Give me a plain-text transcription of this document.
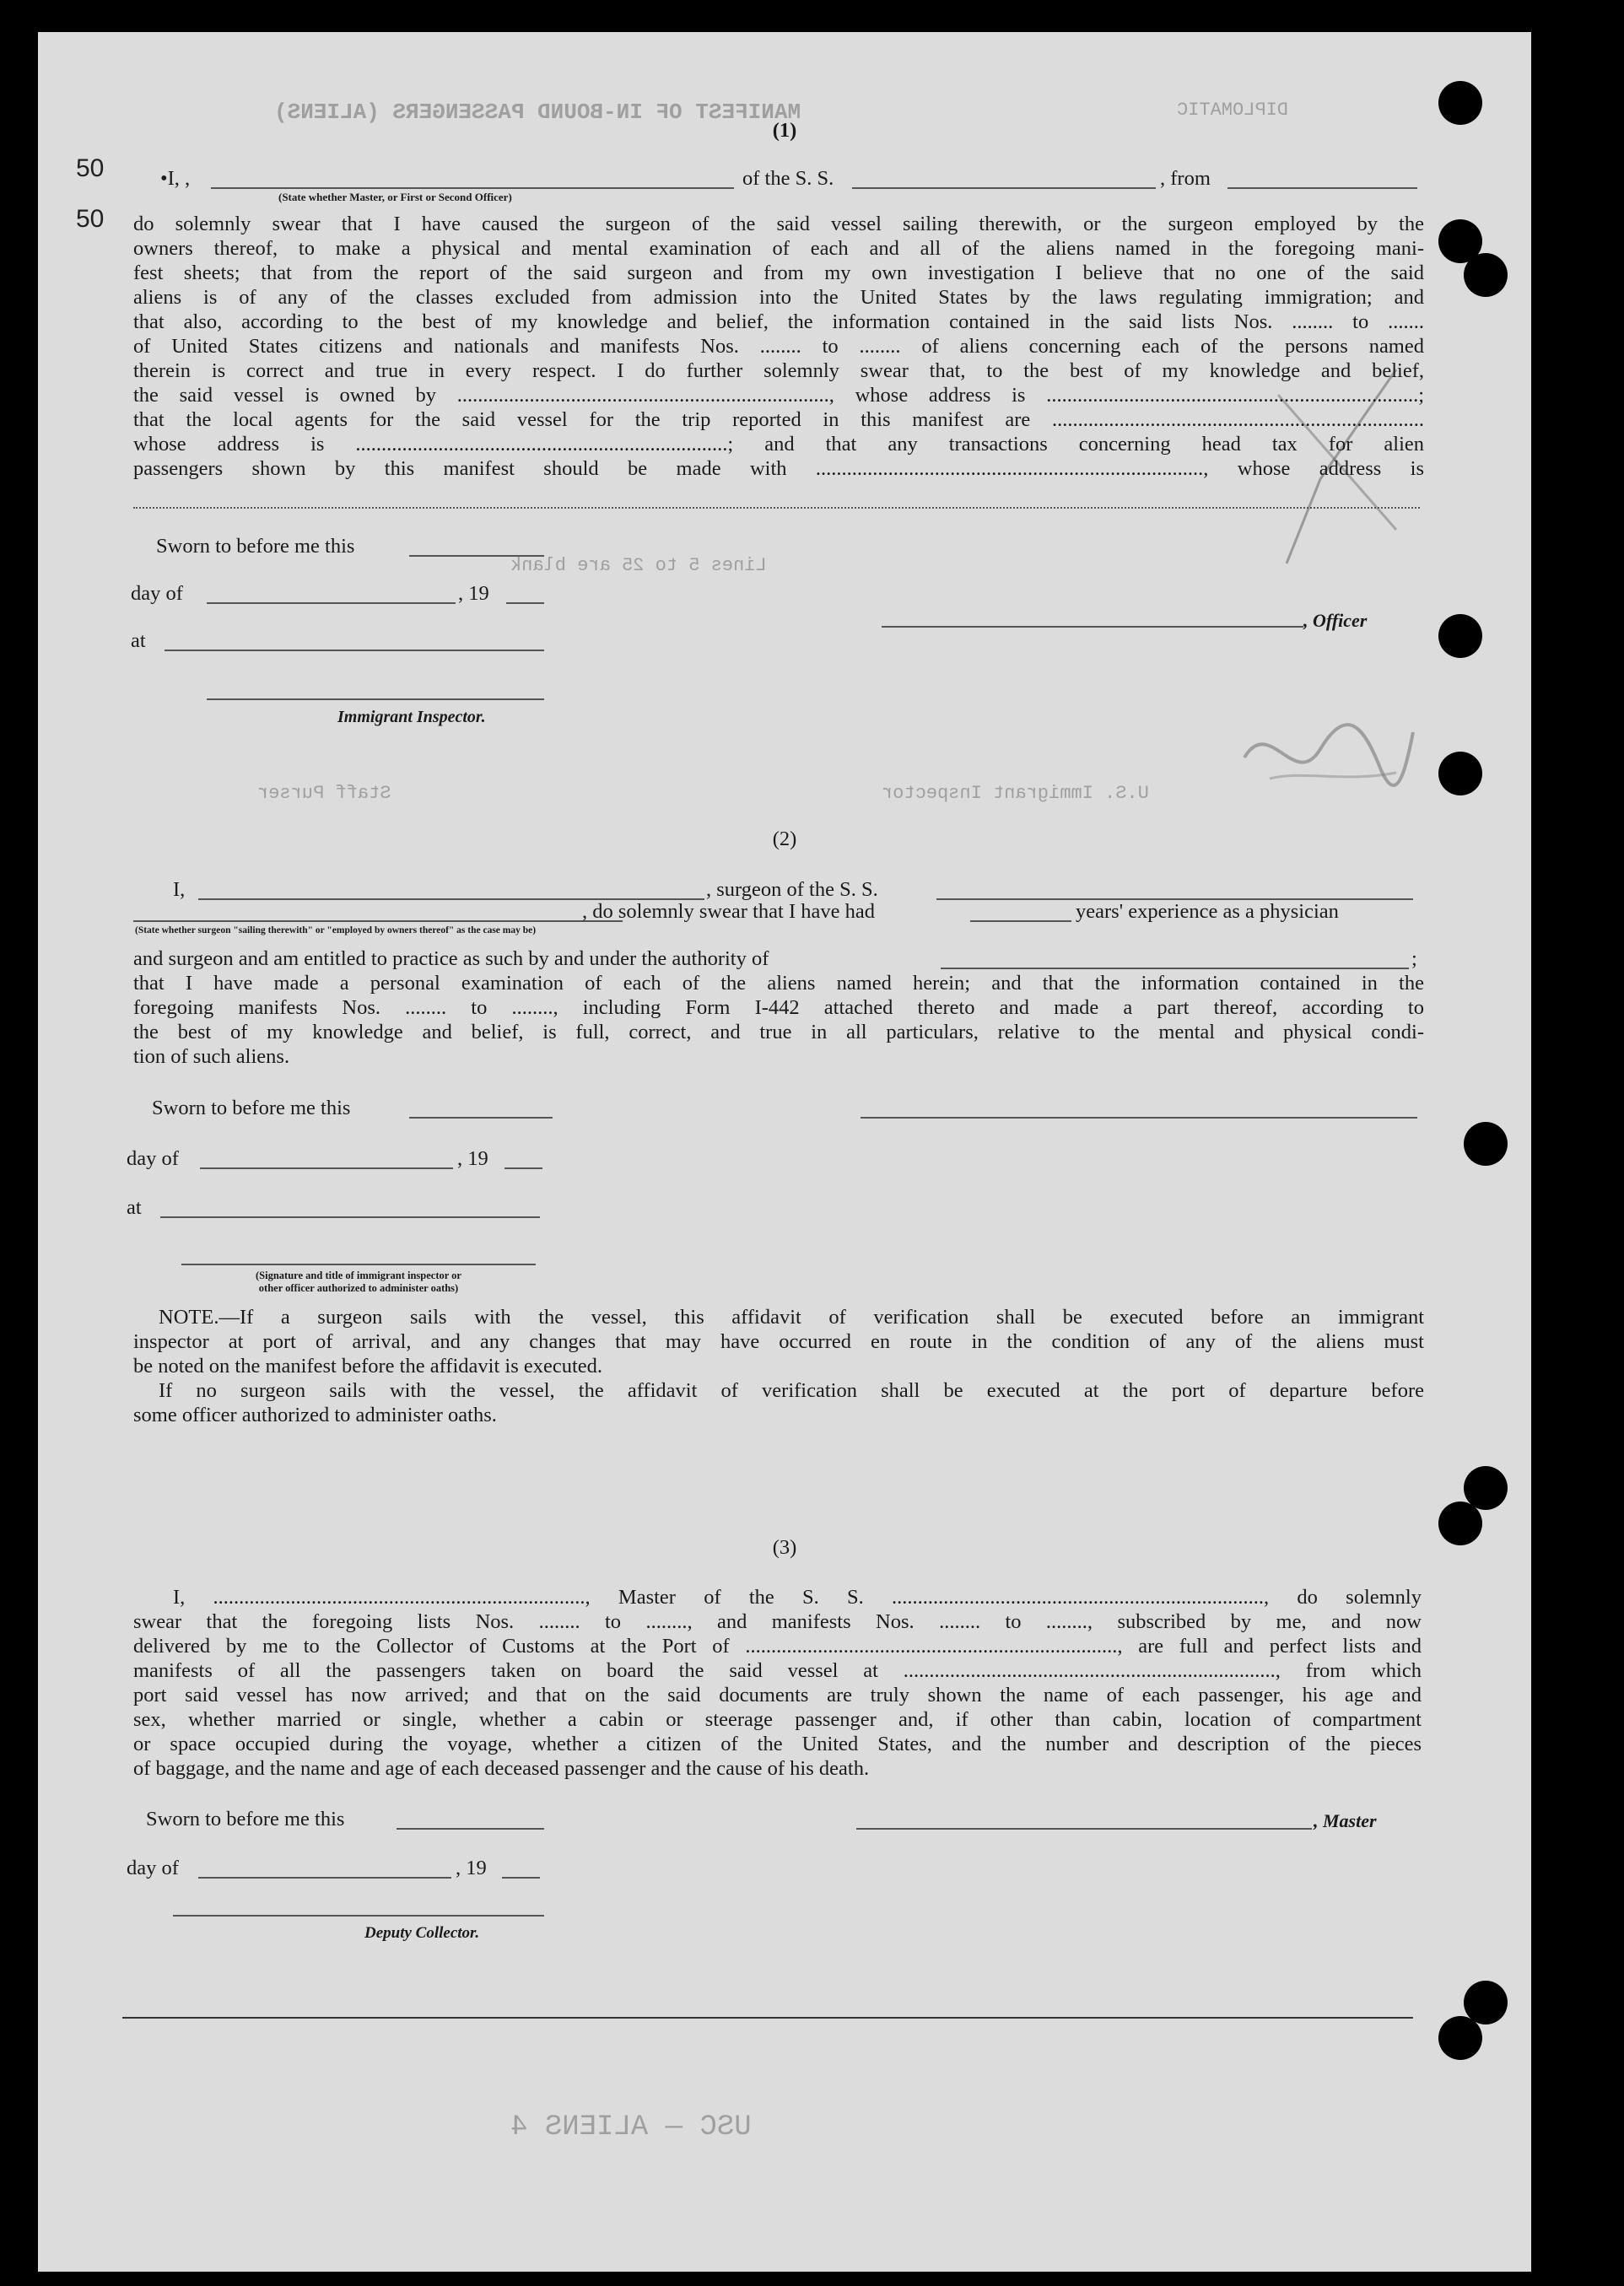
MANIFEST OF IN-BOUND PASSENGERS (ALIENS)	DIPLOMATIC
Lines 5 to 25 are blank
Staff Purser	U.S. Immigrant Inspector
USC — ALIENS 4
50
50
(1)
•I, ,	of the S. S.	, from
(State whether Master, or First or Second Officer)
do solemnly swear that I have caused the surgeon of the said vessel sailing therewith, or the surgeon employed by the
owners thereof, to make a physical and mental examination of each and all of the aliens named in the foregoing mani-
fest sheets; that from the report of the said surgeon and from my own investigation I believe that no one of the said
aliens is of any of the classes excluded from admission into the United States by the laws regulating immigration; and
that also, according to the best of my knowledge and belief, the information contained in the said lists Nos. ........ to .......
of United States citizens and nationals and manifests Nos. ........ to ........ of aliens concerning each of the persons named
therein is correct and true in every respect. I do further solemnly swear that, to the best of my knowledge and belief,
the said vessel is owned by ........................................................................, whose address is ........................................................................;
that the local agents for the said vessel for the trip reported in this manifest are ........................................................................
whose address is ........................................................................; and that any transactions concerning head tax for alien
passengers shown by this manifest should be made with ..........................................................................., whose address is
Sworn to before me this
day of	, 19
at
, Officer
Immigrant Inspector.
(2)
I,	, surgeon of the S. S.
, do solemnly swear that I have had	years' experience as a physician
(State whether surgeon "sailing therewith" or "employed by owners thereof" as the case may be)
and surgeon and am entitled to practice as such by and under the authority of	;
that I have made a personal examination of each of the aliens named herein; and that the information contained in the
foregoing manifests Nos. ........ to ........, including Form I-442 attached thereto and made a part thereof, according to
the best of my knowledge and belief, is full, correct, and true in all particulars, relative to the mental and physical condi-
tion of such aliens.
Sworn to before me this
day of	, 19
at
(Signature and title of immigrant inspector or
other officer authorized to administer oaths)
NOTE.—If a surgeon sails with the vessel, this affidavit of verification shall be executed before an immigrant
inspector at port of arrival, and any changes that may have occurred en route in the condition of any of the aliens must
be noted on the manifest before the affidavit is executed.
If no surgeon sails with the vessel, the affidavit of verification shall be executed at the port of departure before
some officer authorized to administer oaths.
(3)
I, ........................................................................, Master of the S. S. ........................................................................, do solemnly
swear that the foregoing lists Nos. ........ to ........, and manifests Nos. ........ to ........, subscribed by me, and now
delivered by me to the Collector of Customs at the Port of ........................................................................, are full and perfect lists and
manifests of all the passengers taken on board the said vessel at ........................................................................, from which
port said vessel has now arrived; and that on the said documents are truly shown the name of each passenger, his age and
sex, whether married or single, whether a cabin or steerage passenger and, if other than cabin, location of compartment
or space occupied during the voyage, whether a citizen of the United States, and the number and description of the pieces
of baggage, and the name and age of each deceased passenger and the cause of his death.
Sworn to before me this	, Master
day of	, 19
Deputy Collector.
